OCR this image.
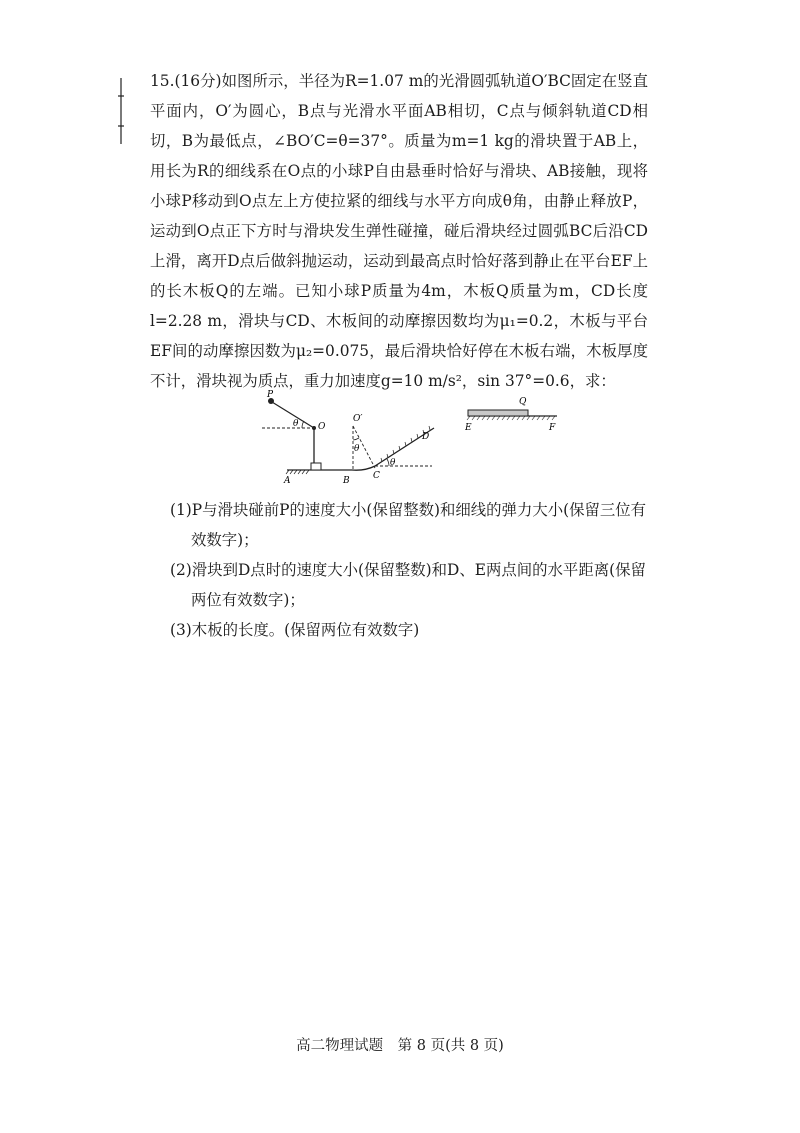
15.(16分)如图所示，半径为R=1.07 m的光滑圆弧轨道O′BC固定在竖直平面内，O′为圆心，B点与光滑水平面AB相切，C点与倾斜轨道CD相切，B为最低点，∠BO′C=θ=37°。质量为m=1 kg的滑块置于AB上，用长为R的细线系在O点的小球P自由悬垂时恰好与滑块、AB接触，现将小球P移动到O点左上方使拉紧的细线与水平方向成θ角，由静止释放P，运动到O点正下方时与滑块发生弹性碰撞，碰后滑块经过圆弧BC后沿CD上滑，离开D点后做斜抛运动，运动到最高点时恰好落到静止在平台EF上的长木板Q的左端。已知小球P质量为4m，木板Q质量为m，CD长度l=2.28 m，滑块与CD、木板间的动摩擦因数均为μ₁=0.2，木板与平台EF间的动摩擦因数为μ₂=0.075，最后滑块恰好停在木板右端，木板厚度不计，滑块视为质点，重力加速度g=10 m/s²，sin 37°=0.6，求：

P
θ O
O′
θ
θ
D
A	B	C
Q
E	F

(1)P与滑块碰前P的速度大小(保留整数)和细线的弹力大小(保留三位有效数字)；

(2)滑块到D点时的速度大小(保留整数)和D、E两点间的水平距离(保留两位有效数字)；

(3)木板的长度。(保留两位有效数字)

高二物理试题　第 8 页(共 8 页)
